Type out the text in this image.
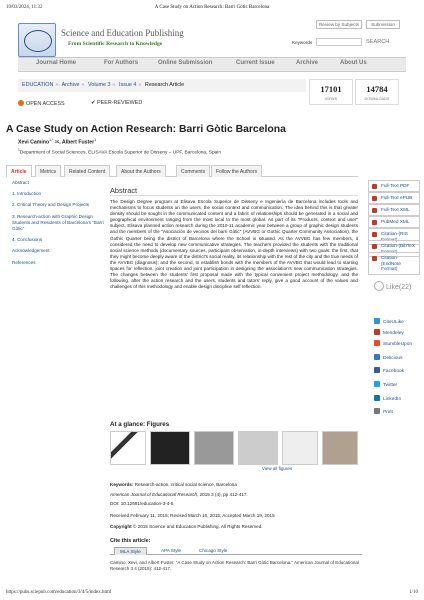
10/03/2024, 11:32	A Case Study on Action Research: Barri Gòtic Barcelona
Science and Education Publishing
From Scientific Research to Knowledge
Review by Subjects	Submission
Keywords	SEARCH
Journal Home	For Authors	Online Submission	Current Issue	Archive	About Us
EDUCATION » Archive » Volume 3 » Issue 4 » Research Article
OPEN ACCESS	✔ PEER-REVIEWED
17101
VIEWS
14784
DOWNLOADS
A Case Study on Action Research: Barri Gòtic Barcelona
Xevi Camino$^{1,*}$ ✉, Albert Fuster$^1$
$^1$Department of Social Sciences, ELISAVA Escola Superior de Disseny – UPF, Barcelona, Spain
Article	Metrics	Related Content	About the Authors	Comments	Follow the Authors
Abstract
1. Introduction
2. Critical Theory and Design Projects
3. Research-action with Graphic Design Students and Residents of Barcelona's "Barri Gòtic"
4. Conclusions
Acknowledgement
References
Abstract
The Design Degree program at Elisava Escola Superior de Disseny e Ingeniería de Barcelona includes tools and mechanisms to focus students on the users, the social context and communication. The idea behind this is that greater density should be sought in the communicated content and a fabric of relationships should be generated in a social and geographical environment ranging from the most local to the most global. As part of its "Products, context and user" subject, Elisava planned action research during the 2010-11 academic year between a group of graphic design students and the members of the "Asociación de vecinos del barri Gòtic" (AVVBG or Gothic Quarter Community Association), the Gothic Quarter being the district of Barcelona where the School is situated. As the AVVBG has few members, it considered the need to develop new communicative strategies. The teachers provided the students with the traditional social science methods (documentary sources, participant observation, in-depth interviews) with two goals: the first, that they might become deeply aware of the district's social reality, its relationship with the rest of the city and the true needs of the AVVBG (diagnosis); and the second, to establish bonds with the members of the AVVBG that would lead to starting spaces for reflection, joint creation and joint participation in designing the association's new communication strategies. The changes between the students' first proposal made with the typical convenient project methodology, and the following, after the action research and the users, students and tutors' reply, give a good account of the values and challenges of this methodology and enable design discipline self reflection.
At a glance: Figures
View all figures
Keywords: Research-action, critical social science, Barcelona
American Journal of Educational Research, 2015 3 (4), pp 412-417.
DOI: 10.12691/education-3-4-5
Received February 11, 2015; Revised March 10, 2015; Accepted March 19, 2015
Copyright © 2015 Science and Education Publishing. All Rights Reserved.
Cite this article:
MLA Style	APA Style	Chicago Style
Camino, Xevi, and Albert Fuster. "A Case Study on Action Research: Barri Gòtic Barcelona." American Journal of Educational Research 3.4 (2015): 412-417.
Full-Text PDF
Full-Text ePUB
Full-Text XML
PubMed XML
Citation-(RIS Format)
Citation-(BibTeX Format)
Citation-(EndNote Format)
Like(22)
CiteULike
Mendeley
StumbleUpon
Delicious
Facebook
Twitter
LinkedIn
Print
https://pubs.sciepub.com/education/3/4/5/index.html	1/10
